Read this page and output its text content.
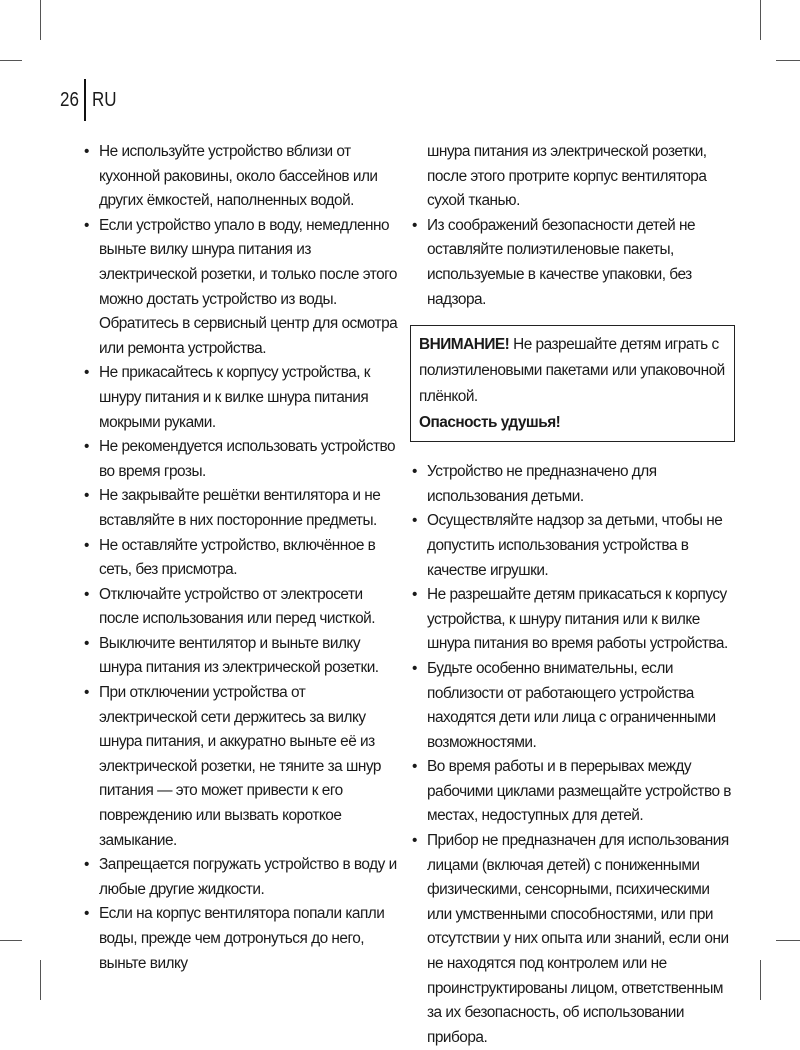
26 RU
• Не используйте устройство вблизи от кухонной раковины, около бассейнов или других ёмкостей, наполненных водой.
• Если устройство упало в воду, немедленно выньте вилку шнура питания из электрической розетки, и только после этого можно достать устройство из воды. Обратитесь в сервисный центр для осмотра или ремонта устройства.
• Не прикасайтесь к корпусу устройства, к шнуру питания и к вилке шнура питания мокрыми руками.
• Не рекомендуется использовать устройство во время грозы.
• Не закрывайте решётки вентилятора и не вставляйте в них посторонние предметы.
• Не оставляйте устройство, включённое в сеть, без присмотра.
• Отключайте устройство от электросети после использования или перед чисткой.
• Выключите вентилятор и выньте вилку шнура питания из электрической розетки.
• При отключении устройства от электрической сети держитесь за вилку шнура питания, и аккуратно выньте её из электрической розетки, не тяните за шнур питания — это может привести к его повреждению или вызвать короткое замыкание.
• Запрещается погружать устройство в воду и любые другие жидкости.
• Если на корпус вентилятора попали капли воды, прежде чем дотронуться до него, выньте вилку
шнура питания из электрической розетки, после этого протрите корпус вентилятора сухой тканью.
• Из соображений безопасности детей не оставляйте полиэтиленовые пакеты, используемые в качестве упаковки, без надзора.
ВНИМАНИЕ! Не разрешайте детям играть с полиэтиленовыми пакетами или упаковочной плёнкой.
Опасность удушья!
• Устройство не предназначено для использования детьми.
• Осуществляйте надзор за детьми, чтобы не допустить использования устройства в качестве игрушки.
• Не разрешайте детям прикасаться к корпусу устройства, к шнуру питания или к вилке шнура питания во время работы устройства.
• Будьте особенно внимательны, если поблизости от работающего устройства находятся дети или лица с ограниченными возможностями.
• Во время работы и в перерывах между рабочими циклами размещайте устройство в местах, недоступных для детей.
• Прибор не предназначен для использования лицами (включая детей) с пониженными физическими, сенсорными, психическими или умственными способностями, или при отсутствии у них опыта или знаний, если они не находятся под контролем или не проинструктированы лицом, ответственным за их безопасность, об использовании прибора.
